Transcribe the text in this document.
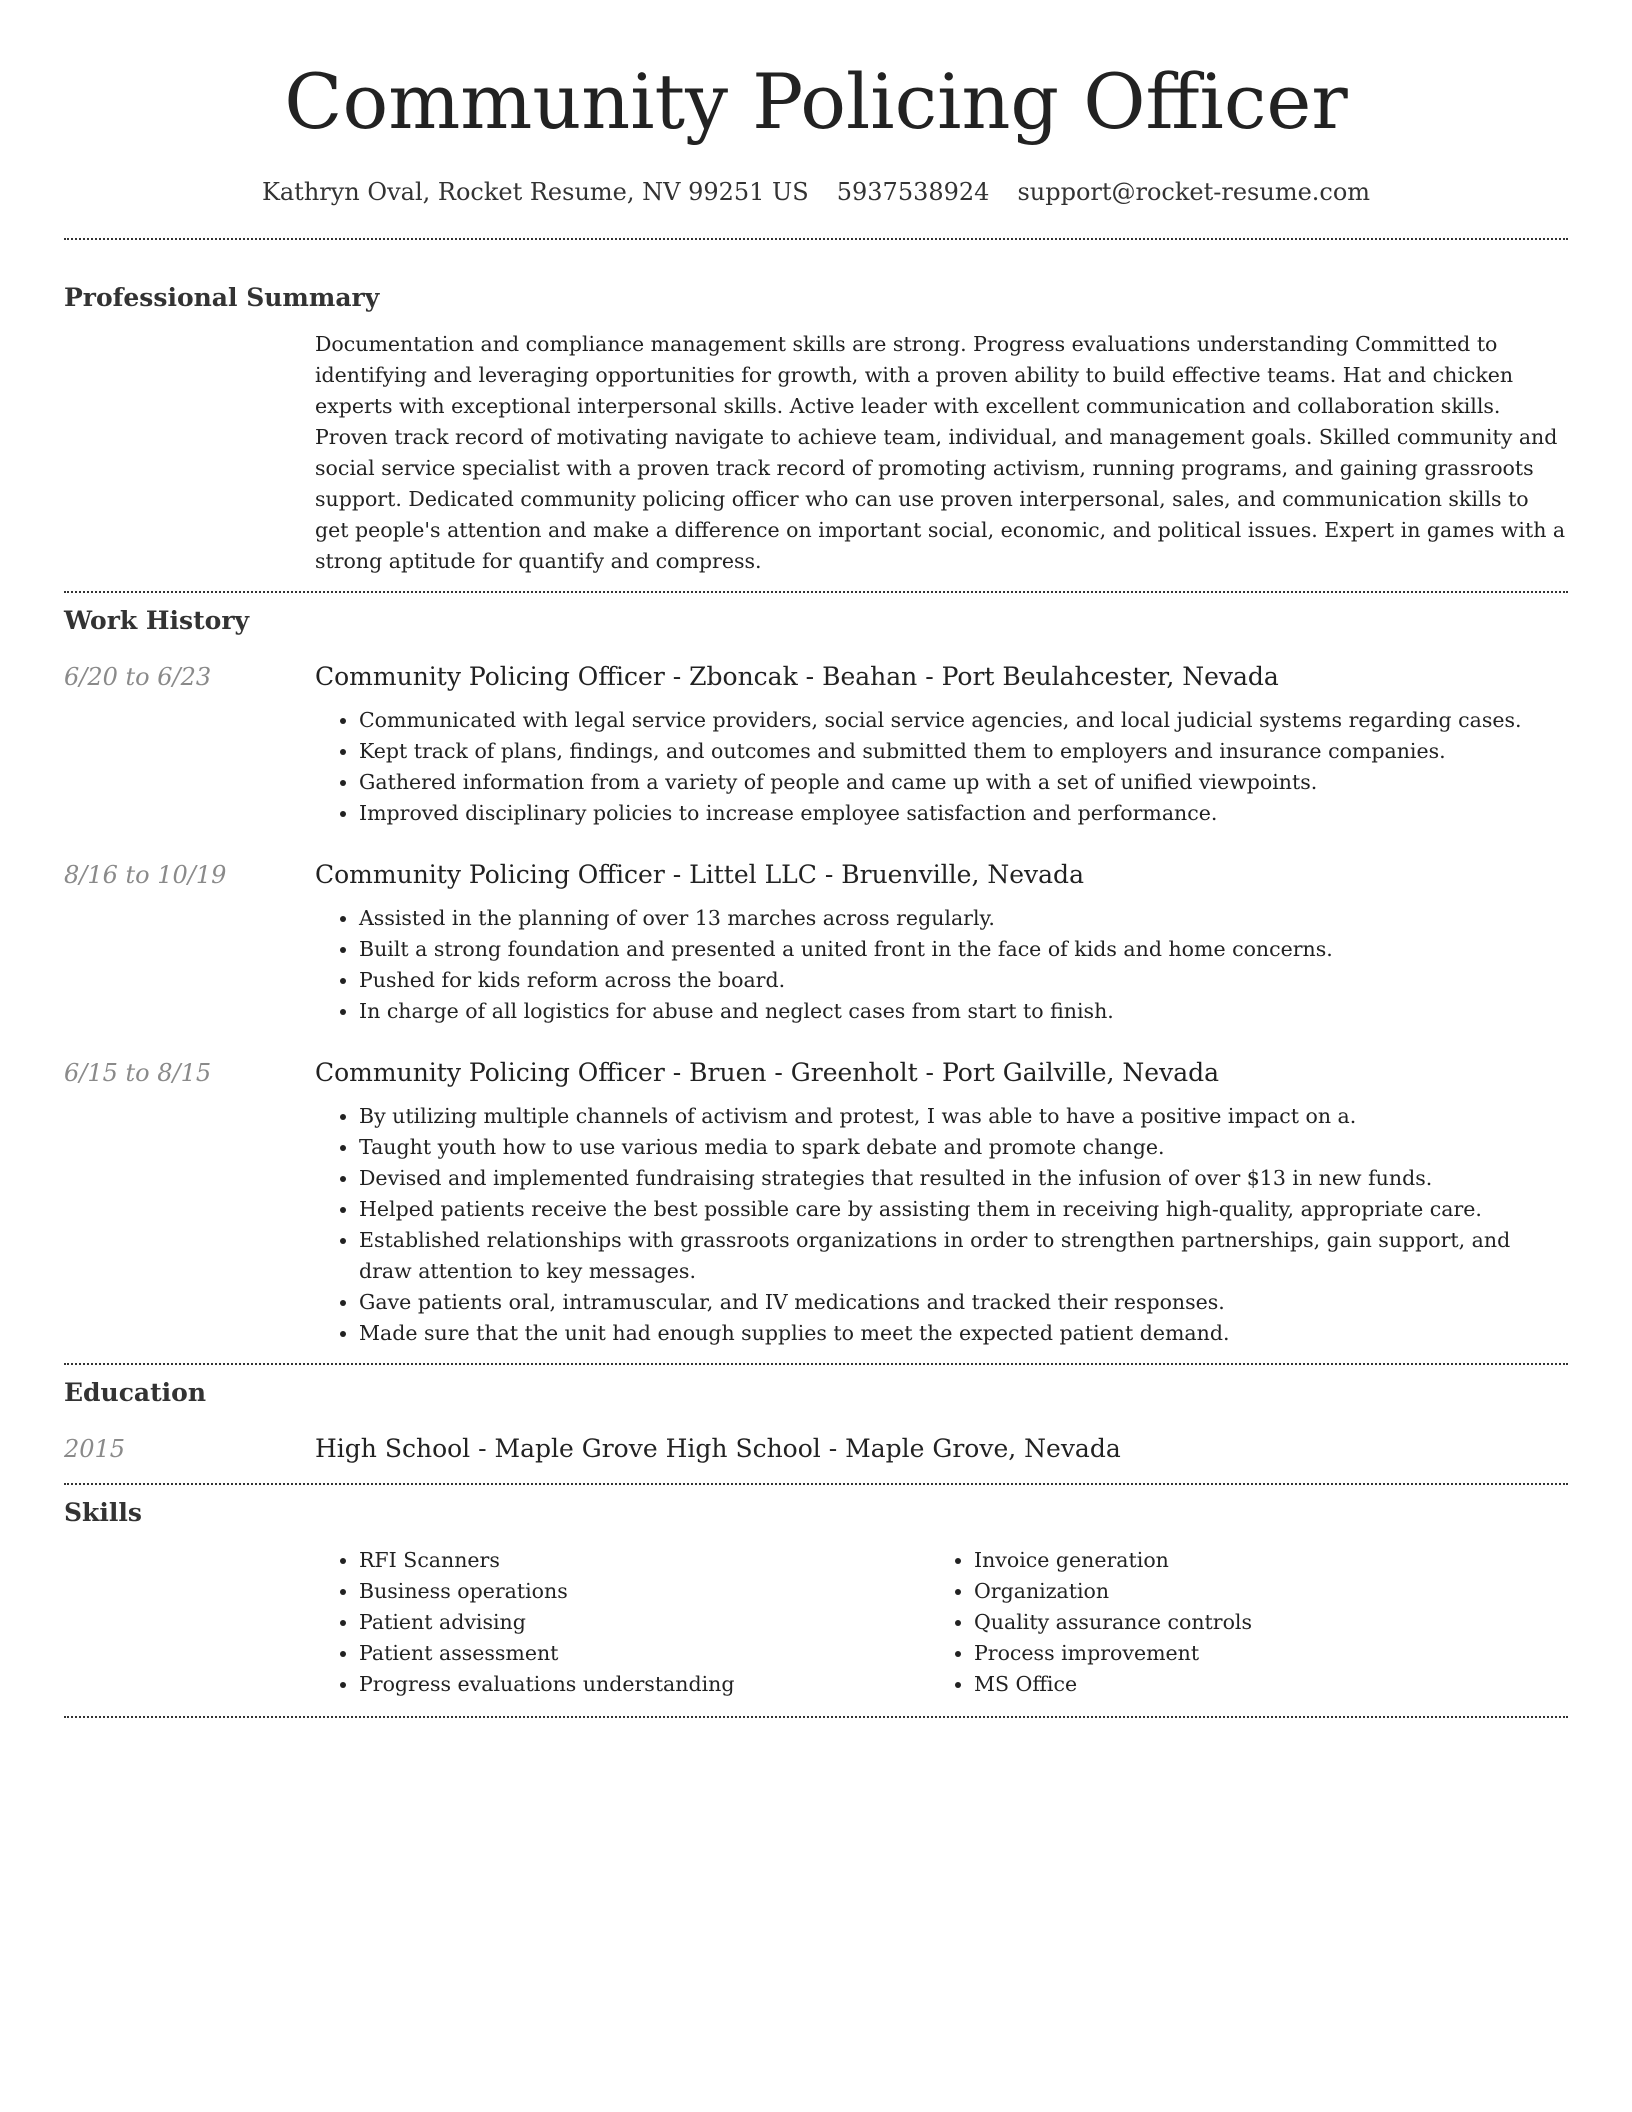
Community Policing Officer
Kathryn Oval, Rocket Resume, NV 99251 US 5937538924 support@rocket-resume.com
Professional Summary
Documentation and compliance management skills are strong. Progress evaluations understanding Committed to identifying and leveraging opportunities for growth, with a proven ability to build effective teams. Hat and chicken experts with exceptional interpersonal skills. Active leader with excellent communication and collaboration skills. Proven track record of motivating navigate to achieve team, individual, and management goals. Skilled community and social service specialist with a proven track record of promoting activism, running programs, and gaining grassroots support. Dedicated community policing officer who can use proven interpersonal, sales, and communication skills to get people's attention and make a difference on important social, economic, and political issues. Expert in games with a strong aptitude for quantify and compress.
Work History
6/20 to 6/23	Community Policing Officer - Zboncak - Beahan - Port Beulahcester, Nevada
• Communicated with legal service providers, social service agencies, and local judicial systems regarding cases.
• Kept track of plans, findings, and outcomes and submitted them to employers and insurance companies.
• Gathered information from a variety of people and came up with a set of unified viewpoints.
• Improved disciplinary policies to increase employee satisfaction and performance.
8/16 to 10/19	Community Policing Officer - Littel LLC - Bruenville, Nevada
• Assisted in the planning of over 13 marches across regularly.
• Built a strong foundation and presented a united front in the face of kids and home concerns.
• Pushed for kids reform across the board.
• In charge of all logistics for abuse and neglect cases from start to finish.
6/15 to 8/15	Community Policing Officer - Bruen - Greenholt - Port Gailville, Nevada
• By utilizing multiple channels of activism and protest, I was able to have a positive impact on a.
• Taught youth how to use various media to spark debate and promote change.
• Devised and implemented fundraising strategies that resulted in the infusion of over $13 in new funds.
• Helped patients receive the best possible care by assisting them in receiving high-quality, appropriate care.
• Established relationships with grassroots organizations in order to strengthen partnerships, gain support, and draw attention to key messages.
• Gave patients oral, intramuscular, and IV medications and tracked their responses.
• Made sure that the unit had enough supplies to meet the expected patient demand.
Education
2015	High School - Maple Grove High School - Maple Grove, Nevada
Skills
• RFI Scanners
• Business operations
• Patient advising
• Patient assessment
• Progress evaluations understanding
• Invoice generation
• Organization
• Quality assurance controls
• Process improvement
• MS Office
